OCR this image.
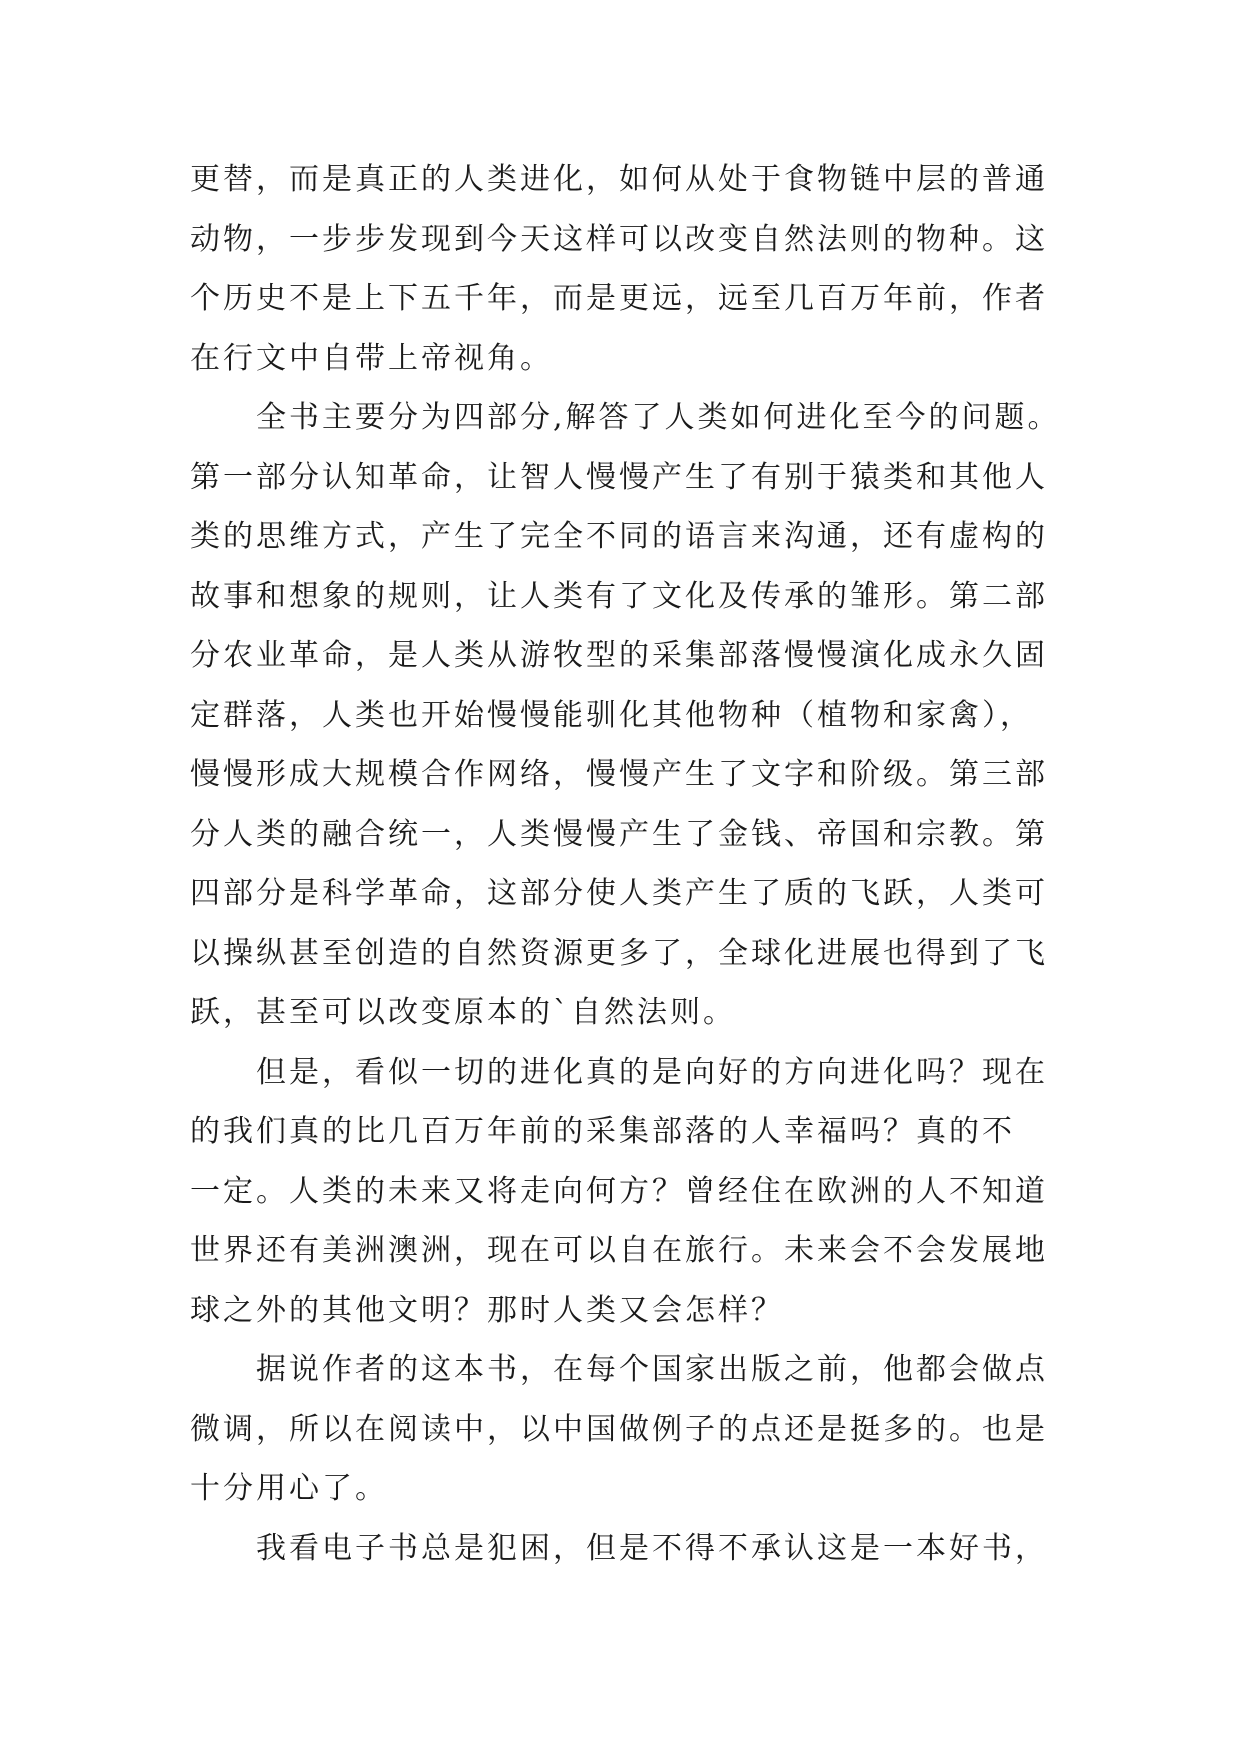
更替，而是真正的人类进化，如何从处于食物链中层的普通
动物，一步步发现到今天这样可以改变自然法则的物种。这
个历史不是上下五千年，而是更远，远至几百万年前，作者
在行文中自带上帝视角。
全书主要分为四部分,解答了人类如何进化至今的问题。
第一部分认知革命，让智人慢慢产生了有别于猿类和其他人
类的思维方式，产生了完全不同的语言来沟通，还有虚构的
故事和想象的规则，让人类有了文化及传承的雏形。第二部
分农业革命，是人类从游牧型的采集部落慢慢演化成永久固
定群落，人类也开始慢慢能驯化其他物种（植物和家禽），
慢慢形成大规模合作网络，慢慢产生了文字和阶级。第三部
分人类的融合统一，人类慢慢产生了金钱、帝国和宗教。第
四部分是科学革命，这部分使人类产生了质的飞跃，人类可
以操纵甚至创造的自然资源更多了，全球化进展也得到了飞
跃，甚至可以改变原本的`自然法则。
但是，看似一切的进化真的是向好的方向进化吗？现在
的我们真的比几百万年前的采集部落的人幸福吗？真的不
一定。人类的未来又将走向何方？曾经住在欧洲的人不知道
世界还有美洲澳洲，现在可以自在旅行。未来会不会发展地
球之外的其他文明？那时人类又会怎样？
据说作者的这本书，在每个国家出版之前，他都会做点
微调，所以在阅读中，以中国做例子的点还是挺多的。也是
十分用心了。
我看电子书总是犯困，但是不得不承认这是一本好书，
